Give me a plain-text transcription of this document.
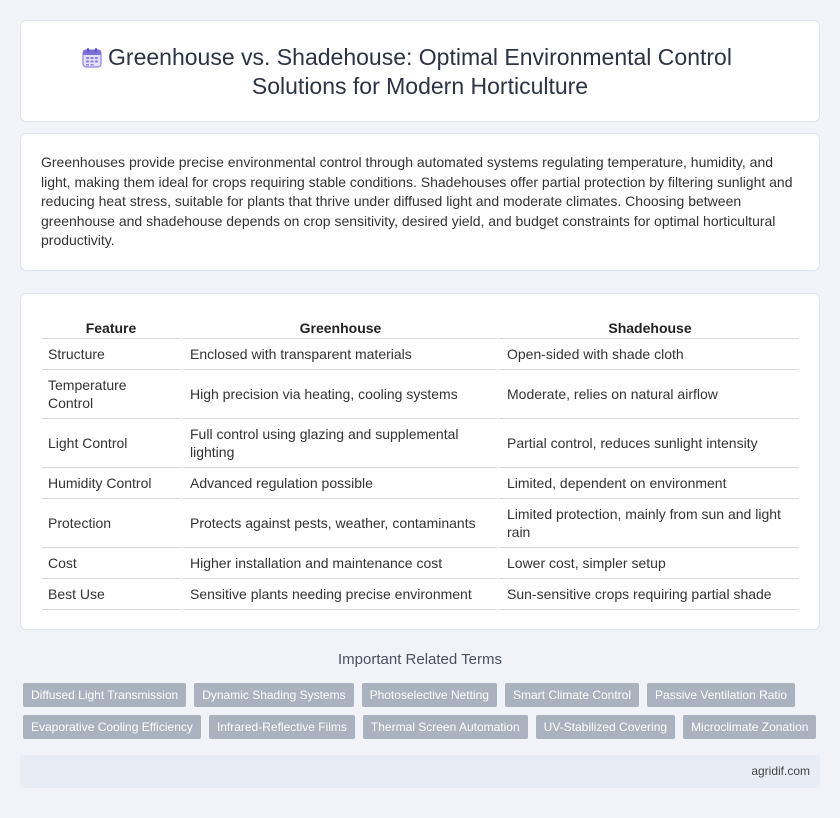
Greenhouse vs. Shadehouse: Optimal Environmental Control Solutions for Modern Horticulture

Greenhouses provide precise environmental control through automated systems regulating temperature, humidity, and light, making them ideal for crops requiring stable conditions. Shadehouses offer partial protection by filtering sunlight and reducing heat stress, suitable for plants that thrive under diffused light and moderate climates. Choosing between greenhouse and shadehouse depends on crop sensitivity, desired yield, and budget constraints for optimal horticultural productivity.

Feature	Greenhouse	Shadehouse
Structure	Enclosed with transparent materials	Open-sided with shade cloth
Temperature Control	High precision via heating, cooling systems	Moderate, relies on natural airflow
Light Control	Full control using glazing and supplemental lighting	Partial control, reduces sunlight intensity
Humidity Control	Advanced regulation possible	Limited, dependent on environment
Protection	Protects against pests, weather, contaminants	Limited protection, mainly from sun and light rain
Cost	Higher installation and maintenance cost	Lower cost, simpler setup
Best Use	Sensitive plants needing precise environment	Sun-sensitive crops requiring partial shade
Important Related Terms
Diffused Light Transmission	Dynamic Shading Systems	Photoselective Netting	Smart Climate Control	Passive Ventilation Ratio
Evaporative Cooling Efficiency	Infrared-Reflective Films	Thermal Screen Automation	UV-Stabilized Covering	Microclimate Zonation
agridif.com
